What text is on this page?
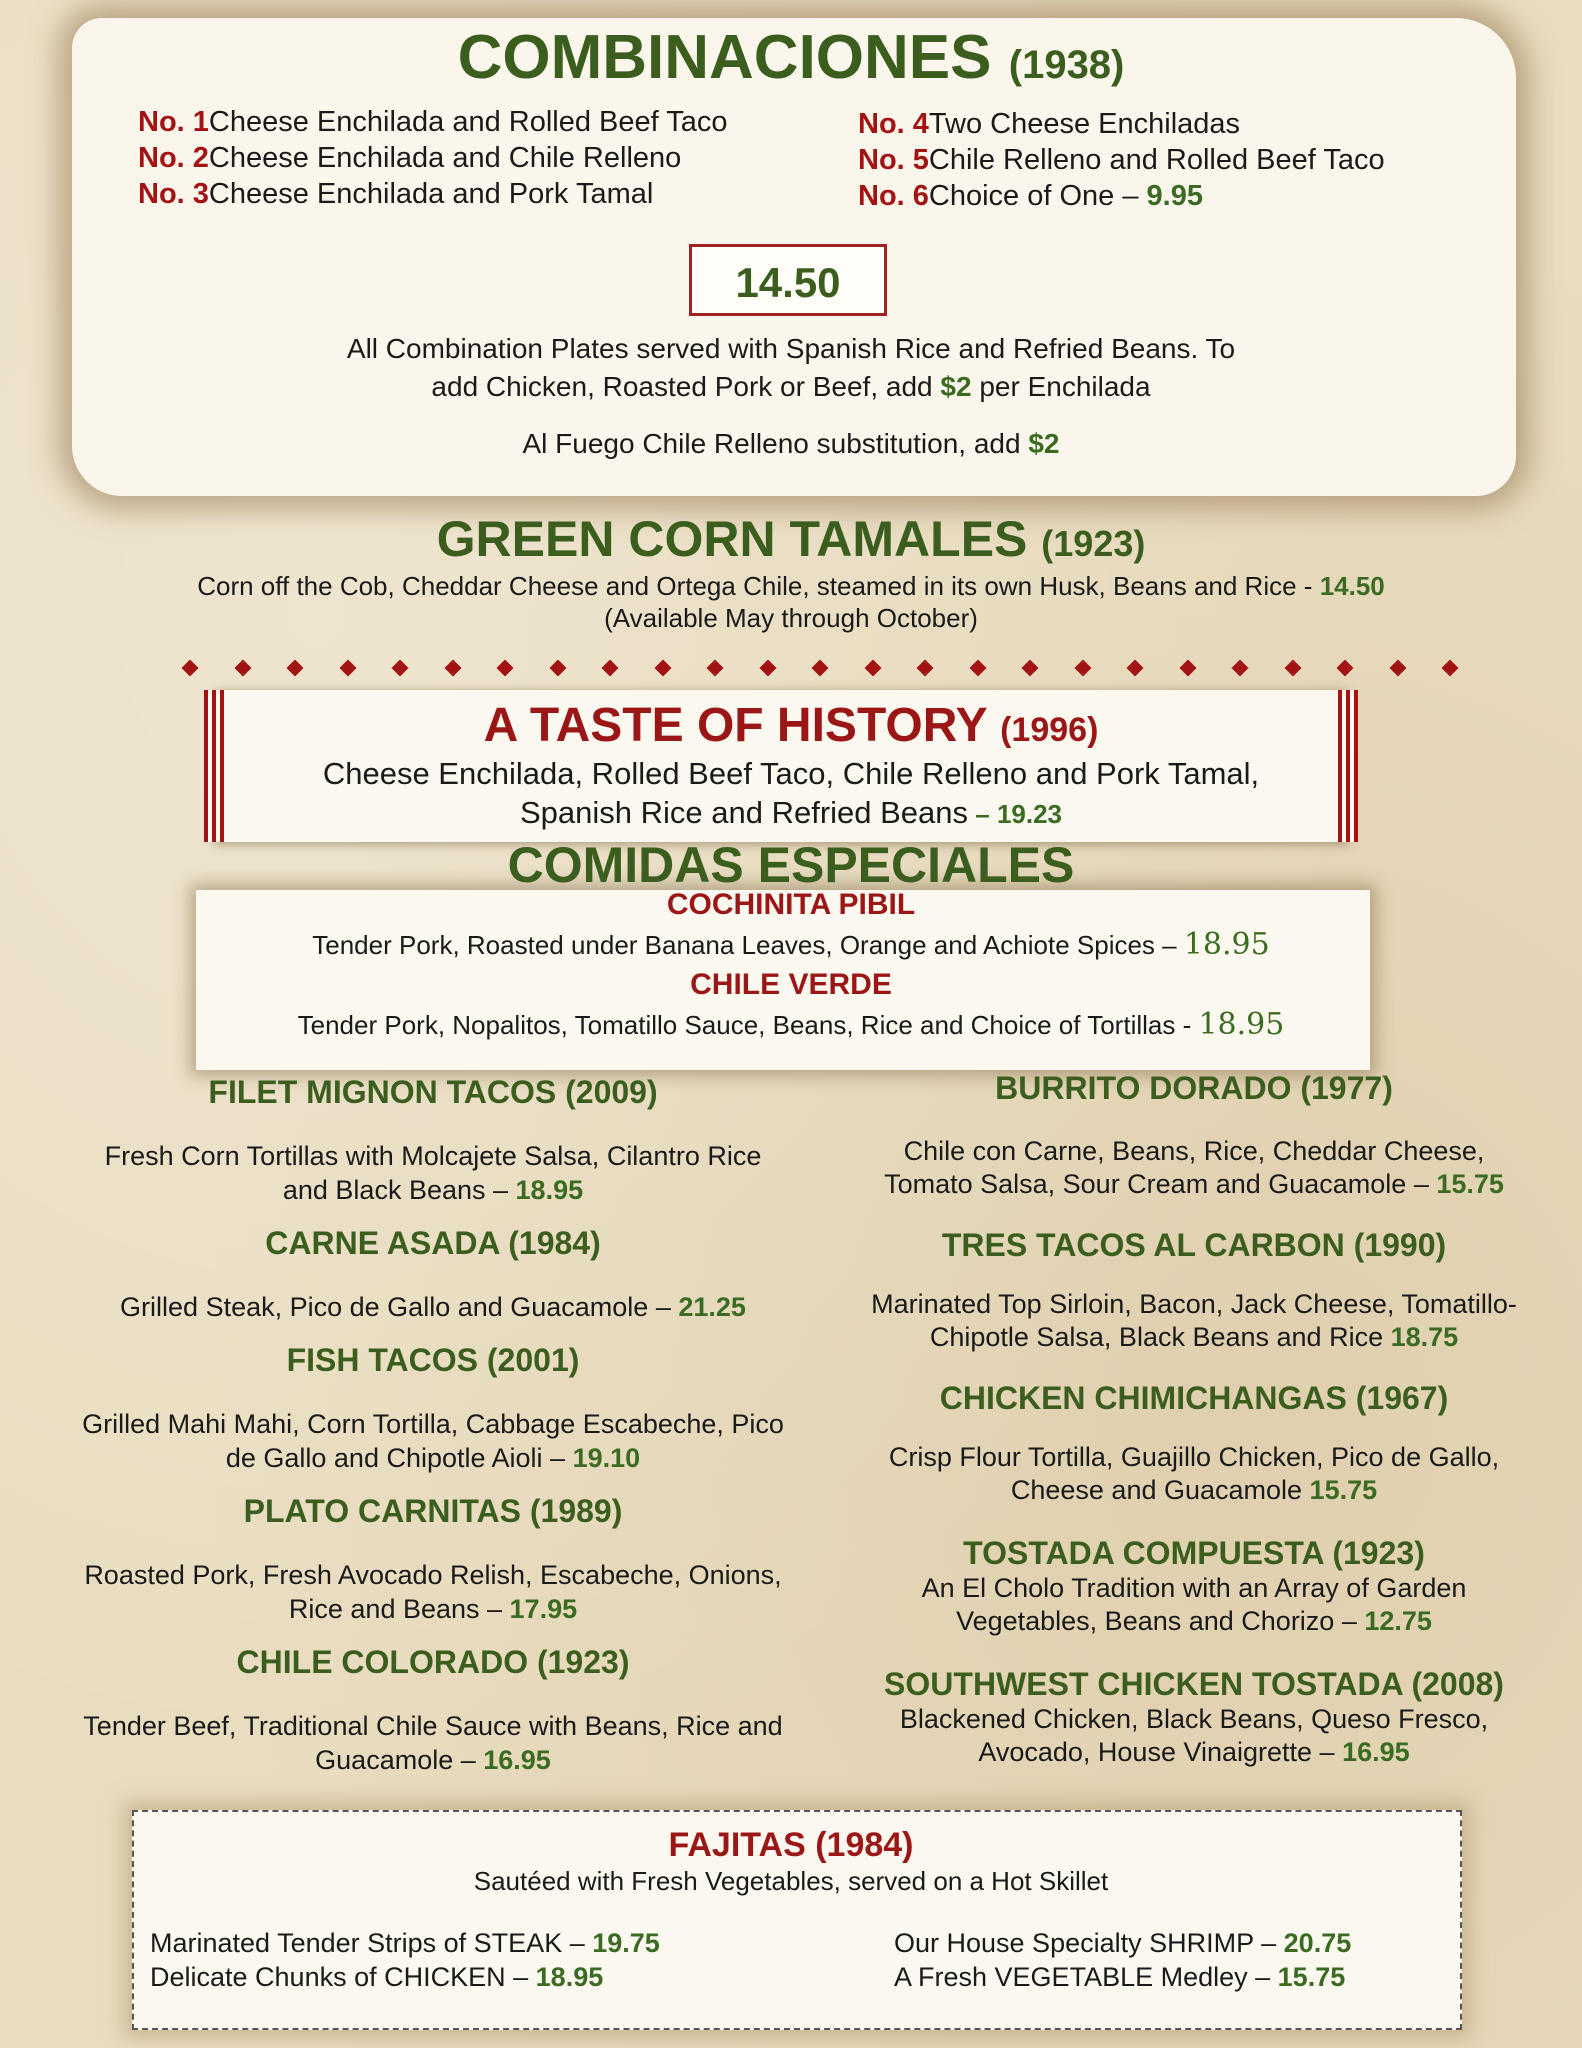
COMBINACIONES (1938)
No. 1Cheese Enchilada and Rolled Beef Taco
No. 2Cheese Enchilada and Chile Relleno
No. 3Cheese Enchilada and Pork Tamal
No. 4Two Cheese Enchiladas
No. 5Chile Relleno and Rolled Beef Taco
No. 6Choice of One – 9.95
14.50
All Combination Plates served with Spanish Rice and Refried Beans. To
add Chicken, Roasted Pork or Beef, add $2 per Enchilada
Al Fuego Chile Relleno substitution, add $2
GREEN CORN TAMALES (1923)
Corn off the Cob, Cheddar Cheese and Ortega Chile, steamed in its own Husk, Beans and Rice - 14.50
(Available May through October)
A TASTE OF HISTORY (1996)
Cheese Enchilada, Rolled Beef Taco, Chile Relleno and Pork Tamal,
Spanish Rice and Refried Beans – 19.23
COMIDAS ESPECIALES
COCHINITA PIBIL
Tender Pork, Roasted under Banana Leaves, Orange and Achiote Spices – 18.95
CHILE VERDE
Tender Pork, Nopalitos, Tomatillo Sauce, Beans, Rice and Choice of Tortillas - 18.95
FILET MIGNON TACOS (2009)
Fresh Corn Tortillas with Molcajete Salsa, Cilantro Rice
and Black Beans – 18.95
CARNE ASADA (1984)
Grilled Steak, Pico de Gallo and Guacamole – 21.25
FISH TACOS (2001)
Grilled Mahi Mahi, Corn Tortilla, Cabbage Escabeche, Pico
de Gallo and Chipotle Aioli – 19.10
PLATO CARNITAS (1989)
Roasted Pork, Fresh Avocado Relish, Escabeche, Onions,
Rice and Beans – 17.95
CHILE COLORADO (1923)
Tender Beef, Traditional Chile Sauce with Beans, Rice and
Guacamole – 16.95
BURRITO DORADO (1977)
Chile con Carne, Beans, Rice, Cheddar Cheese,
Tomato Salsa, Sour Cream and Guacamole – 15.75
TRES TACOS AL CARBON (1990)
Marinated Top Sirloin, Bacon, Jack Cheese, Tomatillo-
Chipotle Salsa, Black Beans and Rice 18.75
CHICKEN CHIMICHANGAS (1967)
Crisp Flour Tortilla, Guajillo Chicken, Pico de Gallo,
Cheese and Guacamole 15.75
TOSTADA COMPUESTA (1923)
An El Cholo Tradition with an Array of Garden
Vegetables, Beans and Chorizo – 12.75
SOUTHWEST CHICKEN TOSTADA (2008)
Blackened Chicken, Black Beans, Queso Fresco,
Avocado, House Vinaigrette – 16.95
FAJITAS (1984)
Sautéed with Fresh Vegetables, served on a Hot Skillet
Marinated Tender Strips of STEAK – 19.75
Delicate Chunks of CHICKEN – 18.95
Our House Specialty SHRIMP – 20.75
A Fresh VEGETABLE Medley – 15.75
